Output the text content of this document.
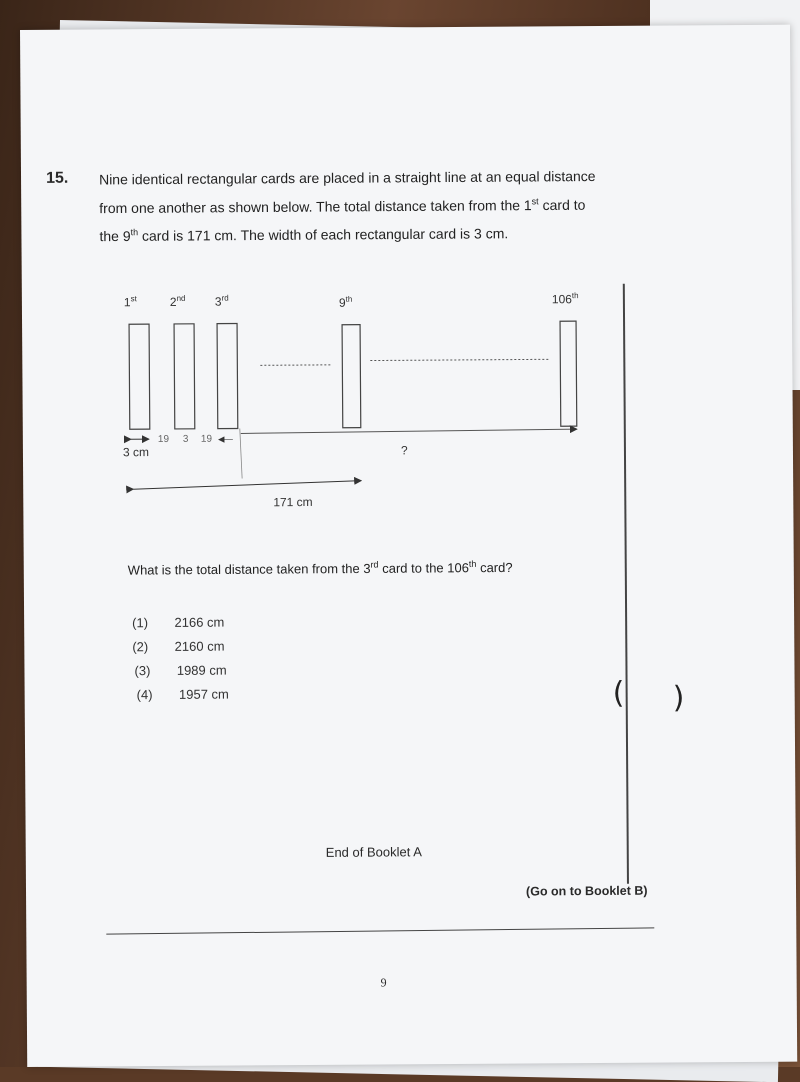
15. Nine identical rectangular cards are placed in a straight line at an equal distance
from one another as shown below. The total distance taken from the 1st card to
the 9th card is 171 cm. The width of each rectangular card is 3 cm.
1st	2nd 3rd	9th	106th
3 cm
19 3 19
?
171 cm
What is the total distance taken from the 3rd card to the 106th card?
(1) 2166 cm
(2) 2160 cm
(3) 1989 cm
(4) 1957 cm	( )
End of Booklet A
(Go on to Booklet B)
9
